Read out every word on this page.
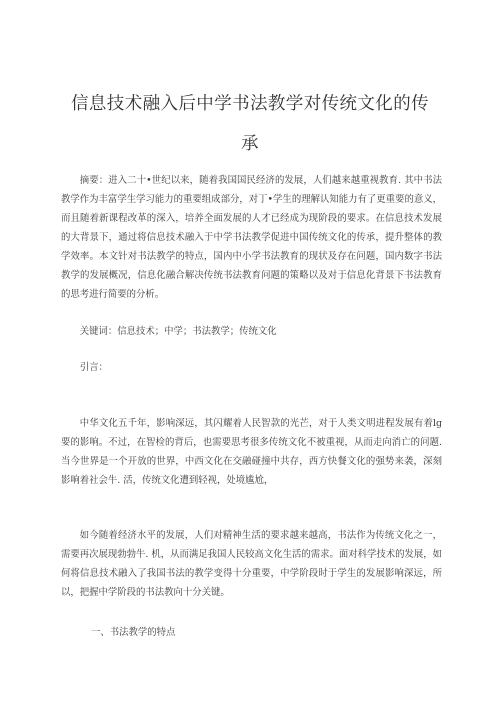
信息技术融入后中学书法教学对传统文化的传
承

摘要：进入二十•世纪以来，随着我国国民经济的发展，人们越来越重视教育. 其中书法教学作为丰富学生学习能力的重要组成部分，对丁•学生的理解认知能力有了更重要的意义，而且随着新课程改革的深入，培养全面发展的人才已经成为现阶段的要求。在信息技术发展的大背景下，通过将信息技术融入于中学书法教学促进中国传统文化的传承，提升整体的教学效率。本文针对书法教学的特点，国内中小学书法教育的现状及存在问题，国内数字书法教学的发展概况，信息化融合解决传统书法教育问题的策略以及对于信息化背景下书法教育的思考进行简要的分析。

关键词：信息技术；中学；书法教学；传统文化

引言：

中华文化五千年，影响深远，其闪耀着人民智款的光芒，对于人类文明进程发展有着lg要的影响。不过，在智检的背后，也需要思考很多传统文化不被重视，从而走向消亡的问题. 当今世界是一个开放的世界，中西文化在交融碰撞中共存，西方快餐文化的强势来袭，深刻影响着社会牛. 活，传统文化遭到轻视，处境尴尬，

如今随着经济水平的发展，人们对精神生活的要求越来越高，书法作为传统文化之一，需要再次展现勃勃牛. 机，从而满足我国人民较高文化生活的需求。面对科学技术的发展，如何将信息技术融入了我国书法的教学变得十分重要，中学阶段时于学生的发展影响深远，所以，把握中学阶段的书法教向十分关键。

一、书法教学的特点
